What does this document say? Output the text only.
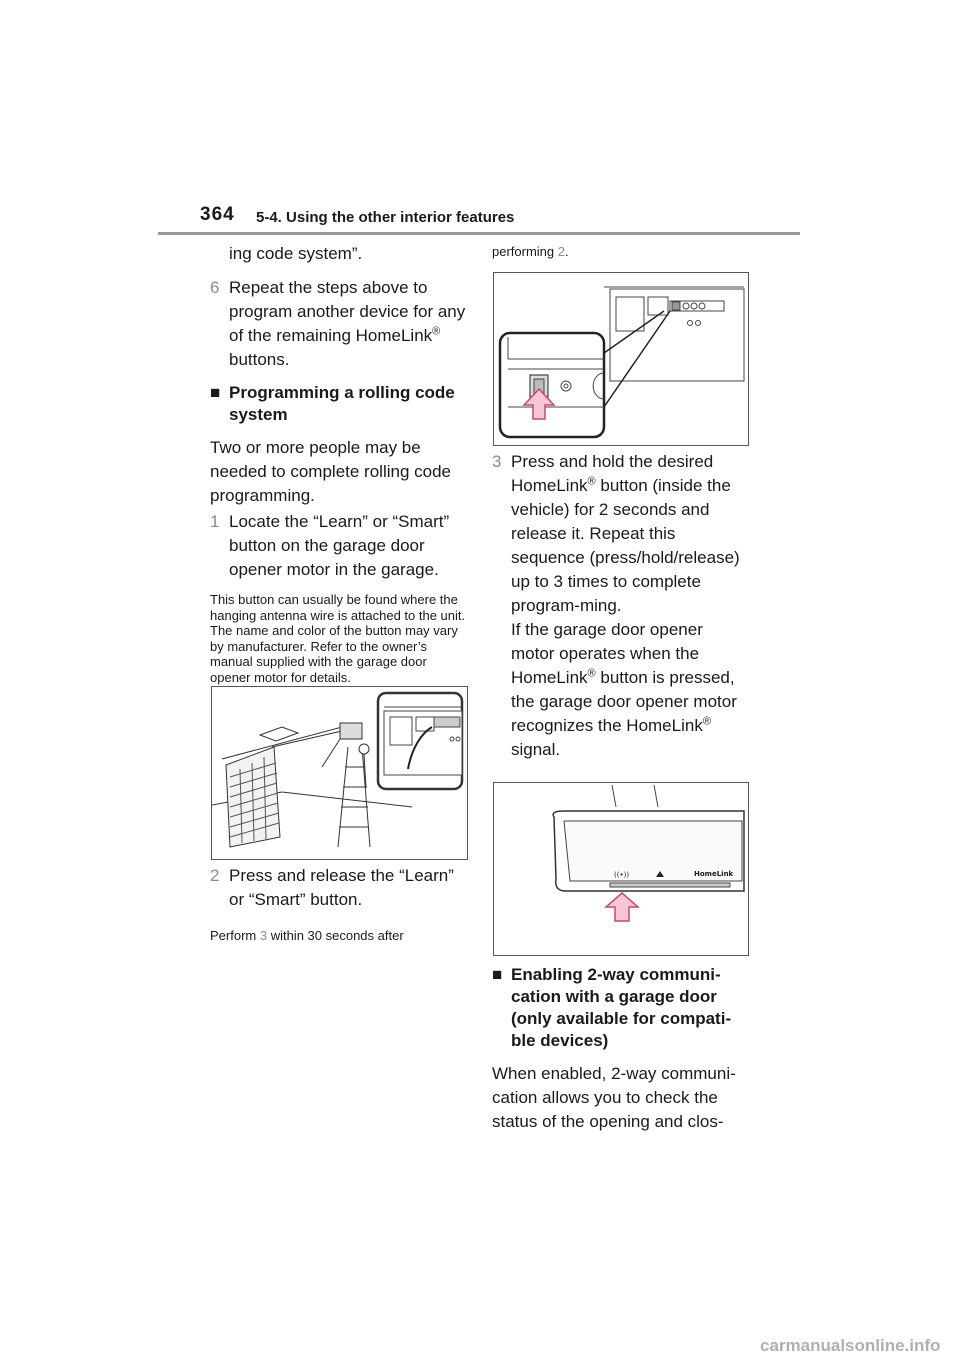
364 5-4. Using the other interior features

ing code system”.

6 Repeat the steps above to program another device for any of the remaining HomeLink® buttons.
■ Programming a rolling code system

Two or more people may be needed to complete rolling code programming.

1 Locate the “Learn” or “Smart” button on the garage door opener motor in the garage.

This button can usually be found where the hanging antenna wire is attached to the unit. The name and color of the button may vary by manufacturer. Refer to the owner’s manual supplied with the garage door opener motor for details.

2 Press and release the “Learn” or “Smart” button.

Perform 3 within 30 seconds after

performing 2.

3 Press and hold the desired HomeLink® button (inside the vehicle) for 2 seconds and release it. Repeat this sequence (press/hold/release) up to 3 times to complete program-ming.
If the garage door opener motor operates when the HomeLink® button is pressed, the garage door opener motor recognizes the HomeLink® signal.
((•))	HomeLink
■ Enabling 2-way communi-cation with a garage door (only available for compati-ble devices)

When enabled, 2-way communi-cation allows you to check the status of the opening and clos-

carmanualsonline.info
